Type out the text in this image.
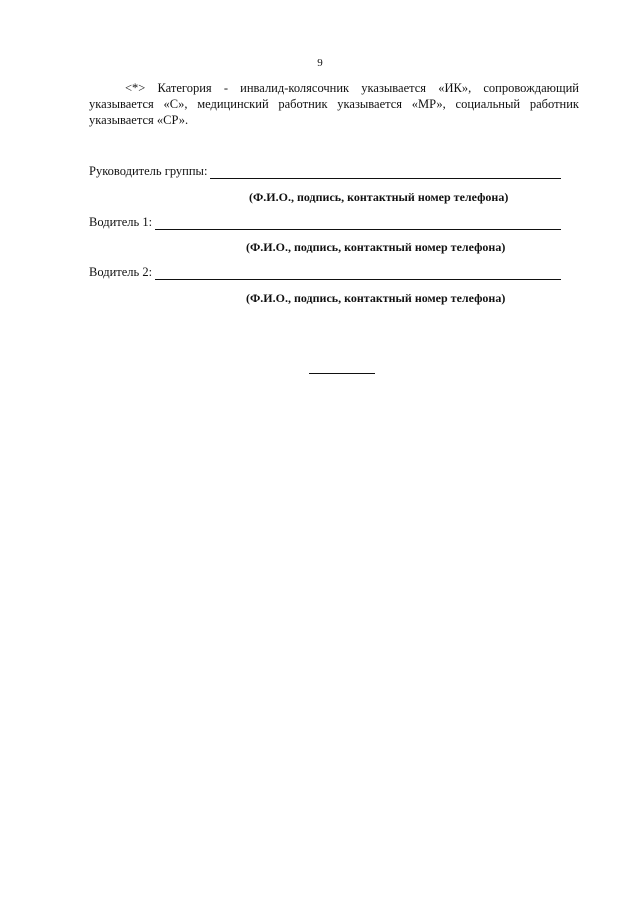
9

<*> Категория - инвалид-колясочник указывается «ИК», сопровождающий указывается «С», медицинский работник указывается «МР», социальный работник указывается «СР».

Руководитель группы:
(Ф.И.О., подпись, контактный номер телефона)
Водитель 1:
(Ф.И.О., подпись, контактный номер телефона)
Водитель 2:
(Ф.И.О., подпись, контактный номер телефона)
